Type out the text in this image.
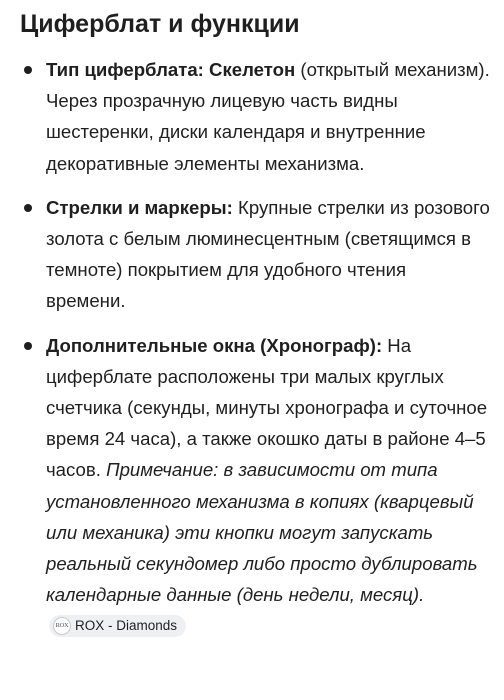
Циферблат и функции
Тип циферблата: Скелетон (открытый механизм). Через прозрачную лицевую часть видны шестеренки, диски календаря и внутренние декоративные элементы механизма.
Стрелки и маркеры: Крупные стрелки из розового золота с белым люминесцентным (светящимся в темноте) покрытием для удобного чтения времени.
Дополнительные окна (Хронограф): На циферблате расположены три малых круглых счетчика (секунды, минуты хронографа и суточное время 24 часа), а также окошко даты в районе 4–5 часов. Примечание: в зависимости от типа установленного механизма в копиях (кварцевый или механика) эти кнопки могут запускать реальный секундомер либо просто дублировать календарные данные (день недели, месяц).ROX ROX - Diamonds
